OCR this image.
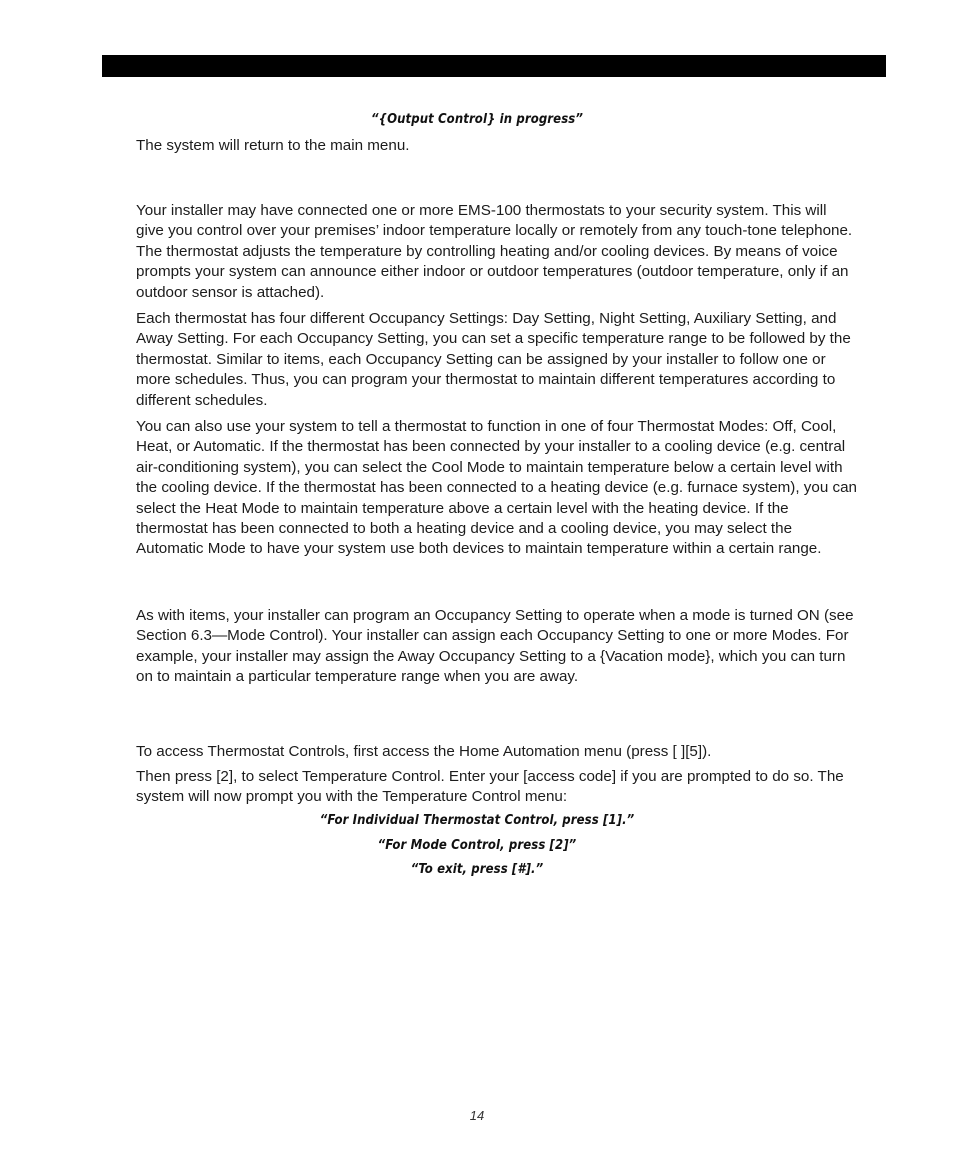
“{Output Control} in progress”

The system will return to the main menu.

Your installer may have connected one or more EMS-100 thermostats to your security system. This will give you control over your premises’ indoor temperature locally or remotely from any touch-tone telephone. The thermostat adjusts the temperature by controlling heating and/or cooling devices. By means of voice prompts your system can announce either indoor or outdoor temperatures (outdoor temperature, only if an outdoor sensor is attached).

Each thermostat has four different Occupancy Settings: Day Setting, Night Setting, Auxiliary Setting, and Away Setting. For each Occupancy Setting, you can set a specific temperature range to be followed by the thermostat. Similar to items, each Occupancy Setting can be assigned by your installer to follow one or more schedules. Thus, you can program your thermostat to maintain different temperatures according to different schedules.

You can also use your system to tell a thermostat to function in one of four Thermostat Modes: Off, Cool, Heat, or Automatic. If the thermostat has been connected by your installer to a cooling device (e.g. central air-conditioning system), you can select the Cool Mode to maintain temperature below a certain level with the cooling device. If the thermostat has been connected to a heating device (e.g. furnace system), you can select the Heat Mode to maintain temperature above a certain level with the heating device. If the thermostat has been connected to both a heating device and a cooling device, you may select the Automatic Mode to have your system use both devices to maintain temperature within a certain range.

As with items, your installer can program an Occupancy Setting to operate when a mode is turned ON (see Section 6.3—Mode Control). Your installer can assign each Occupancy Setting to one or more Modes. For example, your installer may assign the Away Occupancy Setting to a {Vacation mode}, which you can turn on to maintain a particular temperature range when you are away.

To access Thermostat Controls, first access the Home Automation menu (press [ ][5]).

Then press [2], to select Temperature Control. Enter your [access code] if you are prompted to do so. The system will now prompt you with the Temperature Control menu:

“For Individual Thermostat Control, press [1].”
“For Mode Control, press [2]”
“To exit, press [#].”
14
